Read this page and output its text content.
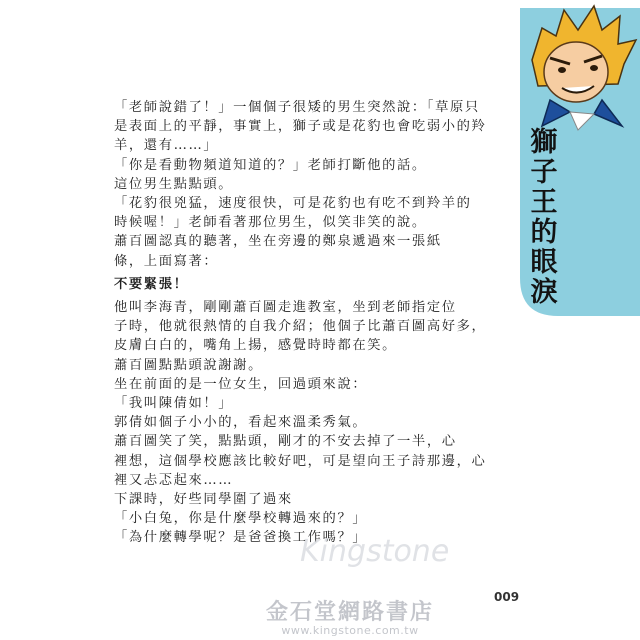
獅
子
王
的
眼
淚
「老師說錯了！」一個個子很矮的男生突然說：「草原只
是表面上的平靜，事實上，獅子或是花豹也會吃弱小的羚
羊，還有……」
「你是看動物頻道知道的？」老師打斷他的話。
這位男生點點頭。
「花豹很兇猛，速度很快，可是花豹也有吃不到羚羊的
時候喔！」老師看著那位男生，似笑非笑的說。
蕭百圖認真的聽著，坐在旁邊的鄭泉遞過來一張紙
條，上面寫著：
不要緊張！
他叫李海青，剛剛蕭百圖走進教室，坐到老師指定位
子時，他就很熱情的自我介紹；他個子比蕭百圖高好多，
皮膚白白的，嘴角上揚，感覺時時都在笑。
蕭百圖點點頭說謝謝。
坐在前面的是一位女生，回過頭來說：
「我叫陳倩如！」
郭倩如個子小小的，看起來溫柔秀氣。
蕭百圖笑了笑，點點頭，剛才的不安去掉了一半，心
裡想，這個學校應該比較好吧，可是望向王子詩那邊，心
裡又忐忑起來……
下課時，好些同學圍了過來
「小白兔，你是什麼學校轉過來的？」
「為什麼轉學呢？是爸爸換工作嗎？」
Kingstone
009
金石堂網路書店
www.kingstone.com.tw
